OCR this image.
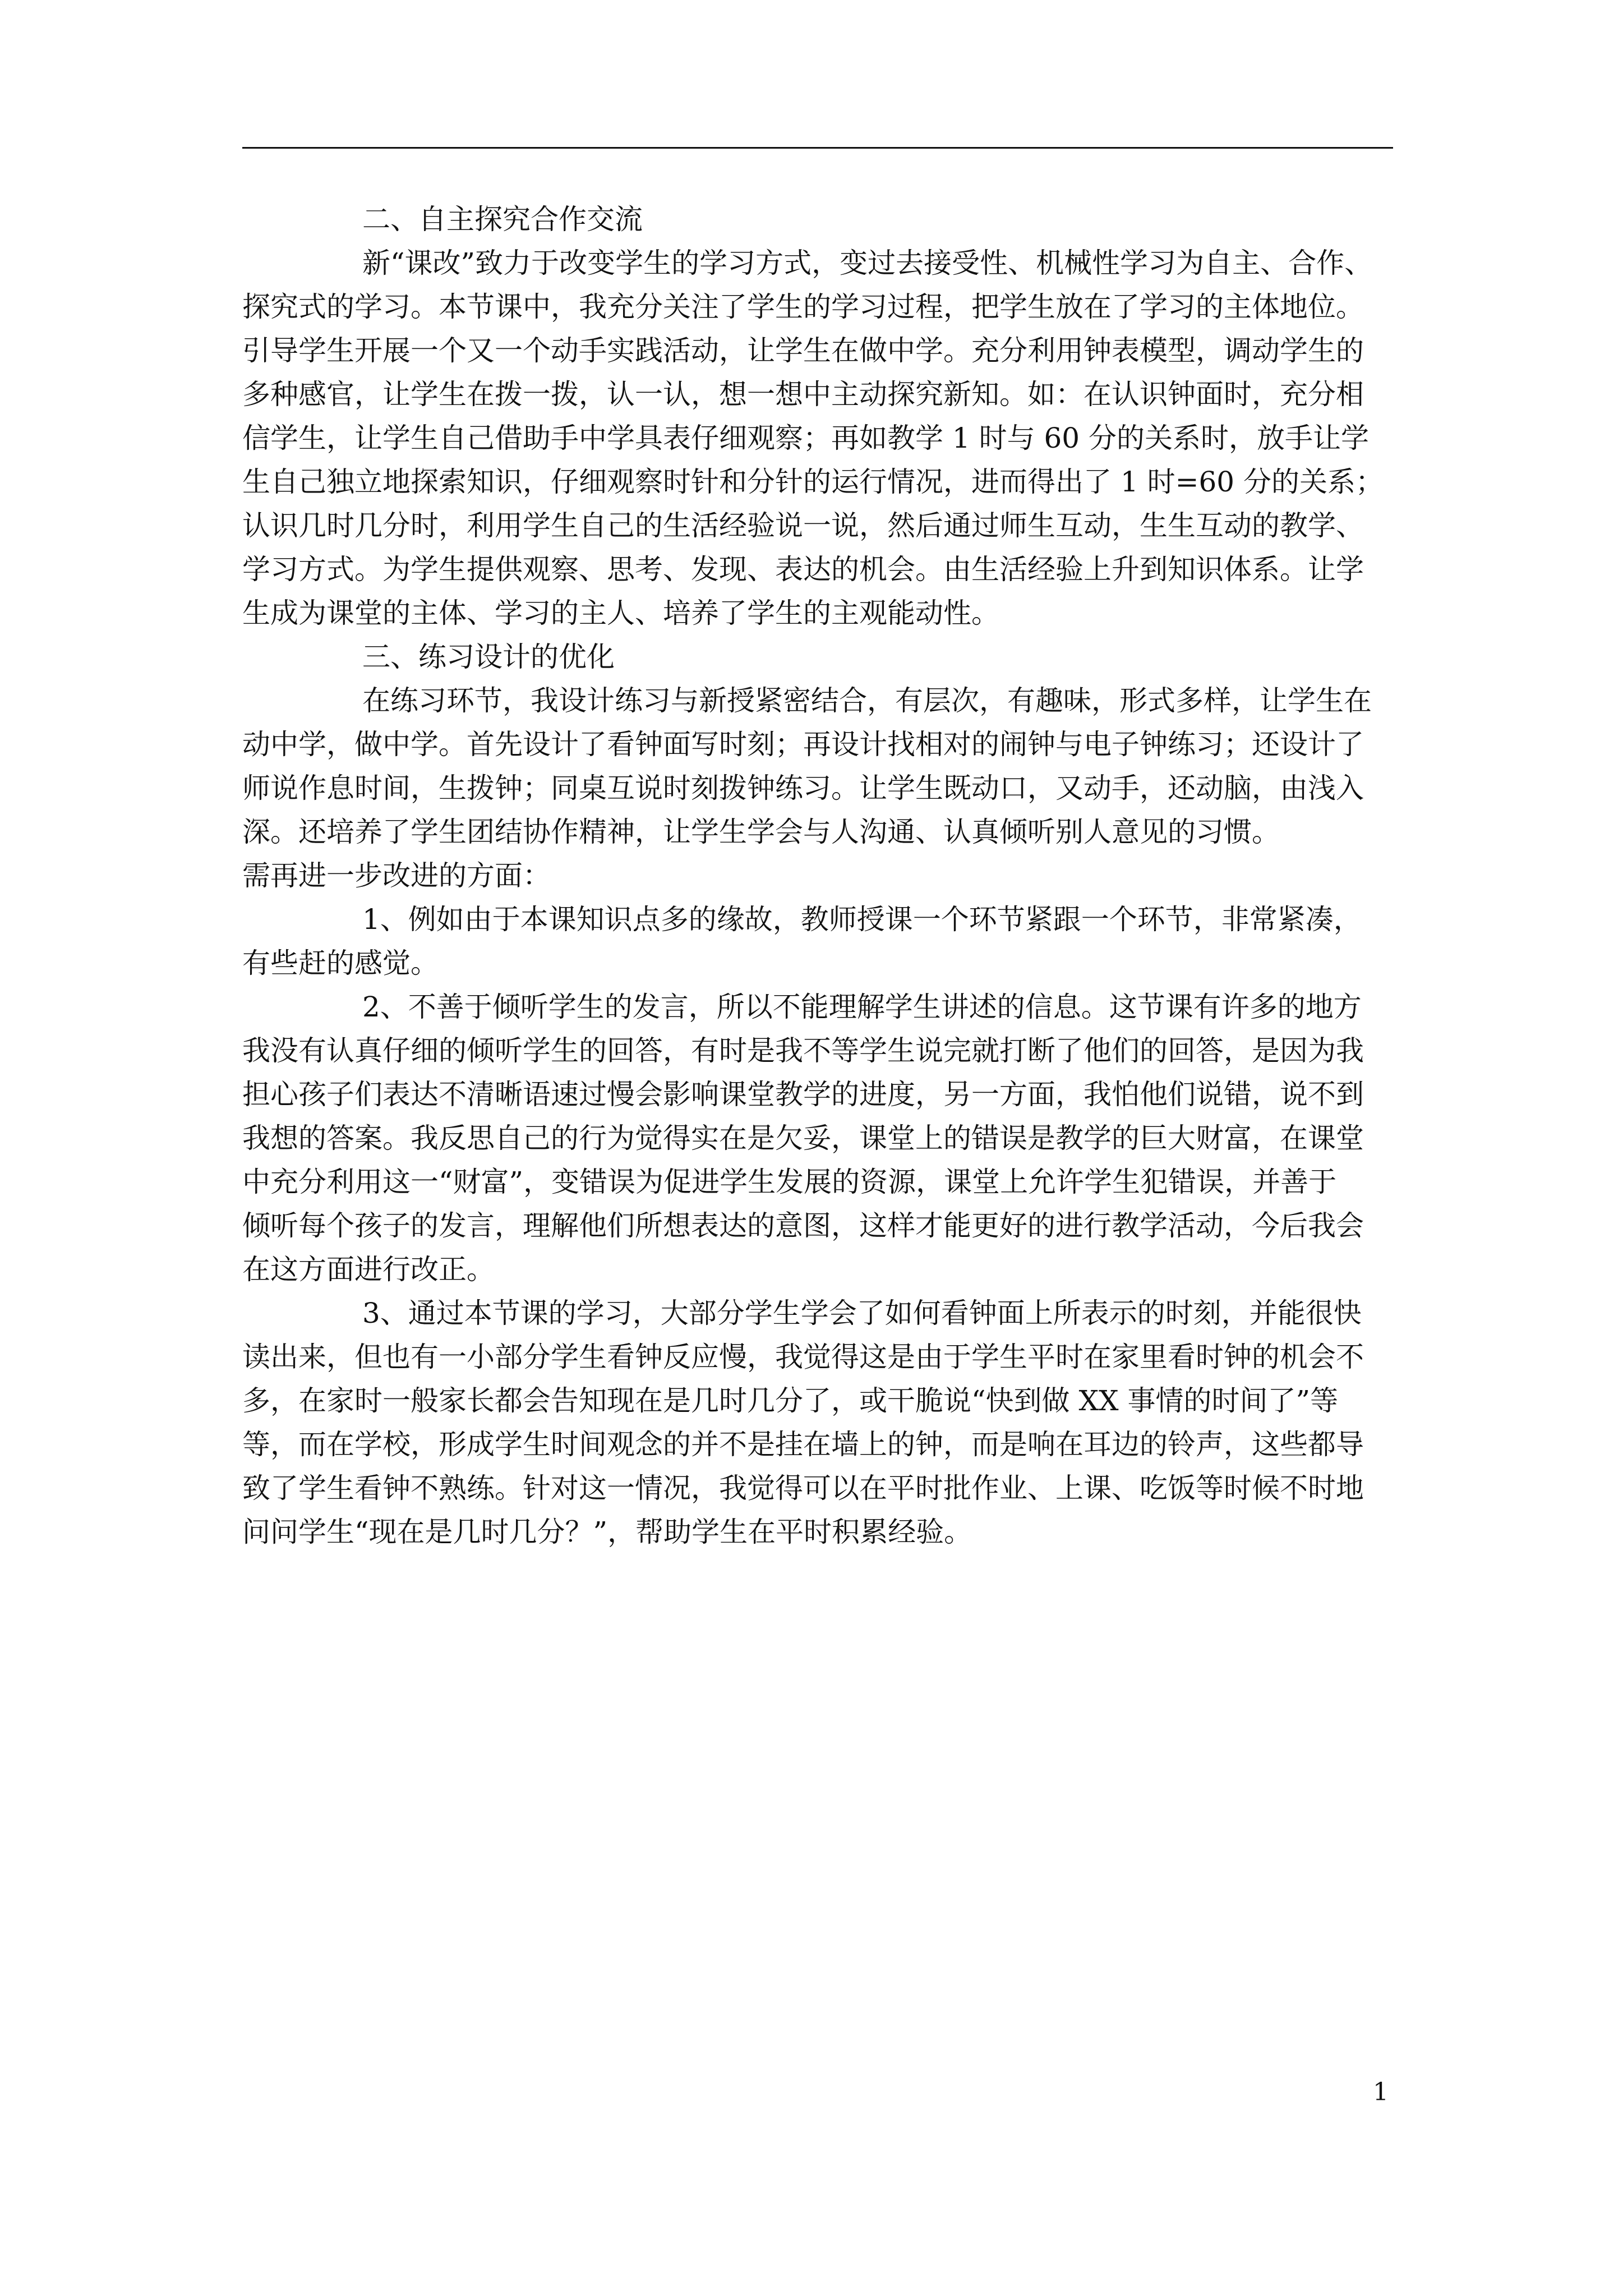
二、自主探究合作交流
新“课改”致力于改变学生的学习方式，变过去接受性、机械性学习为自主、合作、
探究式的学习。本节课中，我充分关注了学生的学习过程，把学生放在了学习的主体地位。
引导学生开展一个又一个动手实践活动，让学生在做中学。充分利用钟表模型，调动学生的
多种感官，让学生在拨一拨，认一认，想一想中主动探究新知。如：在认识钟面时，充分相
信学生，让学生自己借助手中学具表仔细观察；再如教学 1 时与 60 分的关系时，放手让学
生自己独立地探索知识，仔细观察时针和分针的运行情况，进而得出了 1 时=60 分的关系；
认识几时几分时，利用学生自己的生活经验说一说，然后通过师生互动，生生互动的教学、
学习方式。为学生提供观察、思考、发现、表达的机会。由生活经验上升到知识体系。让学
生成为课堂的主体、学习的主人、培养了学生的主观能动性。
三、练习设计的优化
在练习环节，我设计练习与新授紧密结合，有层次，有趣味，形式多样，让学生在
动中学，做中学。首先设计了看钟面写时刻；再设计找相对的闹钟与电子钟练习；还设计了
师说作息时间，生拨钟；同桌互说时刻拨钟练习。让学生既动口，又动手，还动脑，由浅入
深。还培养了学生团结协作精神，让学生学会与人沟通、认真倾听别人意见的习惯。
需再进一步改进的方面：
1、例如由于本课知识点多的缘故，教师授课一个环节紧跟一个环节，非常紧凑，
有些赶的感觉。
2、不善于倾听学生的发言，所以不能理解学生讲述的信息。这节课有许多的地方
我没有认真仔细的倾听学生的回答，有时是我不等学生说完就打断了他们的回答，是因为我
担心孩子们表达不清晰语速过慢会影响课堂教学的进度，另一方面，我怕他们说错，说不到
我想的答案。我反思自己的行为觉得实在是欠妥，课堂上的错误是教学的巨大财富，在课堂
中充分利用这一“财富”，变错误为促进学生发展的资源，课堂上允许学生犯错误，并善于
倾听每个孩子的发言，理解他们所想表达的意图，这样才能更好的进行教学活动，今后我会
在这方面进行改正。
3、通过本节课的学习，大部分学生学会了如何看钟面上所表示的时刻，并能很快
读出来，但也有一小部分学生看钟反应慢，我觉得这是由于学生平时在家里看时钟的机会不
多，在家时一般家长都会告知现在是几时几分了，或干脆说“快到做 XX 事情的时间了”等
等，而在学校，形成学生时间观念的并不是挂在墙上的钟，而是响在耳边的铃声，这些都导
致了学生看钟不熟练。针对这一情况，我觉得可以在平时批作业、上课、吃饭等时候不时地
问问学生“现在是几时几分？”，帮助学生在平时积累经验。
1
